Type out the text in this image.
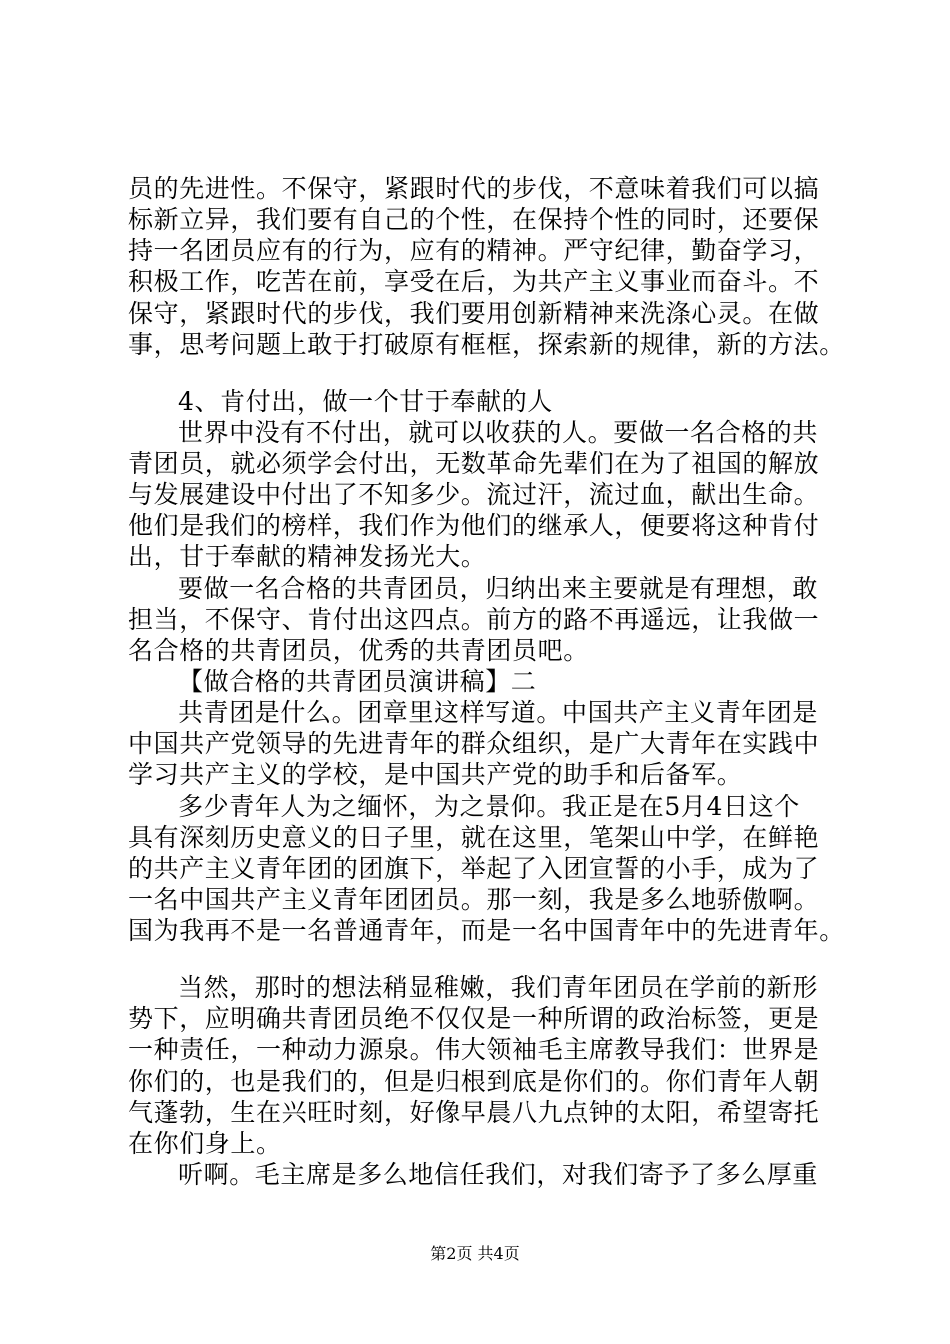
员的先进性。不保守，紧跟时代的步伐，不意味着我们可以搞
标新立异，我们要有自己的个性，在保持个性的同时，还要保
持一名团员应有的行为，应有的精神。严守纪律，勤奋学习，
积极工作，吃苦在前，享受在后，为共产主义事业而奋斗。不
保守，紧跟时代的步伐，我们要用创新精神来洗涤心灵。在做
事，思考问题上敢于打破原有框框，探索新的规律，新的方法。
4、肯付出，做一个甘于奉献的人
世界中没有不付出，就可以收获的人。要做一名合格的共
青团员，就必须学会付出，无数革命先辈们在为了祖国的解放
与发展建设中付出了不知多少。流过汗，流过血，献出生命。
他们是我们的榜样，我们作为他们的继承人，便要将这种肯付
出，甘于奉献的精神发扬光大。
要做一名合格的共青团员，归纳出来主要就是有理想，敢
担当，不保守、肯付出这四点。前方的路不再遥远，让我做一
名合格的共青团员，优秀的共青团员吧。
【做合格的共青团员演讲稿】二
共青团是什么。团章里这样写道。中国共产主义青年团是
中国共产党领导的先进青年的群众组织，是广大青年在实践中
学习共产主义的学校，是中国共产党的助手和后备军。
多少青年人为之缅怀，为之景仰。我正是在5月4日这个
具有深刻历史意义的日子里，就在这里，笔架山中学，在鲜艳
的共产主义青年团的团旗下，举起了入团宣誓的小手，成为了
一名中国共产主义青年团团员。那一刻，我是多么地骄傲啊。
国为我再不是一名普通青年，而是一名中国青年中的先进青年。
当然，那时的想法稍显稚嫩，我们青年团员在学前的新形
势下，应明确共青团员绝不仅仅是一种所谓的政治标签，更是
一种责任，一种动力源泉。伟大领袖毛主席教导我们：世界是
你们的，也是我们的，但是归根到底是你们的。你们青年人朝
气蓬勃，生在兴旺时刻，好像早晨八九点钟的太阳，希望寄托
在你们身上。
听啊。毛主席是多么地信任我们，对我们寄予了多么厚重
第2页 共4页
